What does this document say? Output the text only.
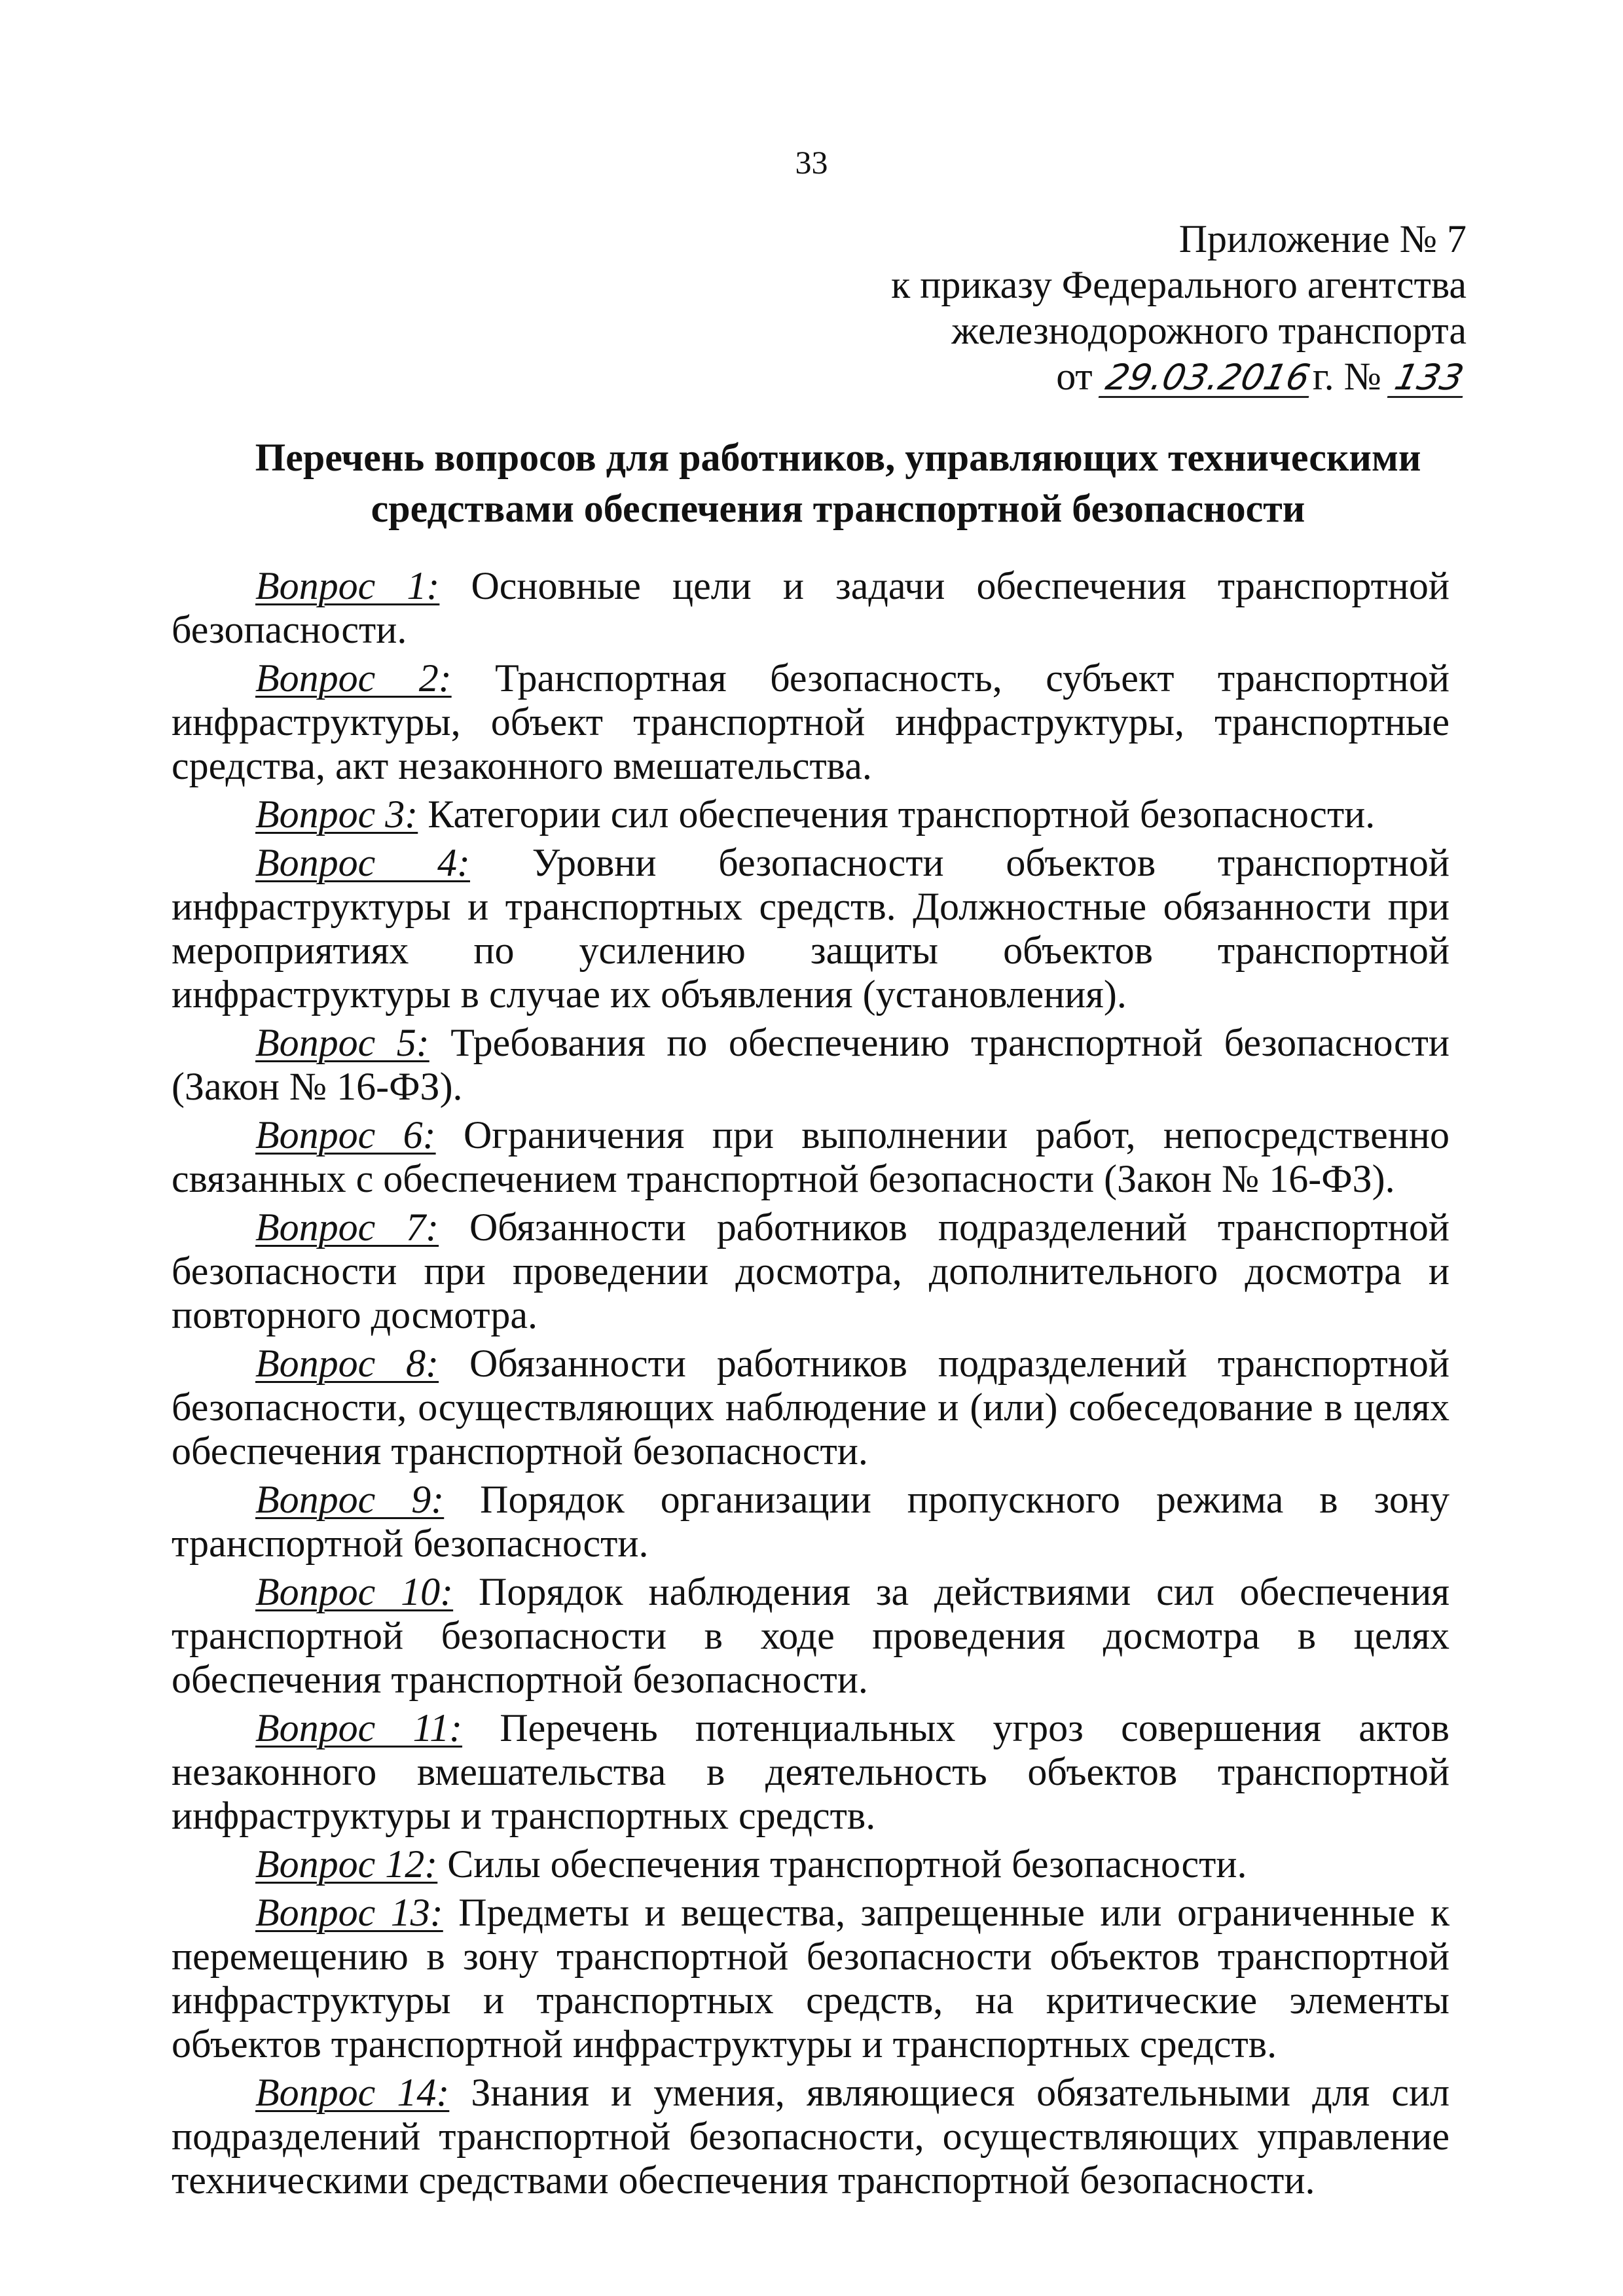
33
Приложение № 7
к приказу Федерального агентства
железнодорожного транспорта
от 29.03.2016г. № 133
Перечень вопросов для работников, управляющих техническими
средствами обеспечения транспортной безопасности

Вопрос 1: Основные цели и задачи обеспечения транспортной безопасности.

Вопрос 2: Транспортная безопасность, субъект транспортной инфраструктуры, объект транспортной инфраструктуры, транспортные средства, акт незаконного вмешательства.

Вопрос 3: Категории сил обеспечения транспортной безопасности.

Вопрос 4: Уровни безопасности объектов транспортной инфраструктуры и транспортных средств. Должностные обязанности при мероприятиях по усилению защиты объектов транспортной инфраструктуры в случае их объявления (установления).

Вопрос 5: Требования по обеспечению транспортной безопасности (Закон № 16-ФЗ).

Вопрос 6: Ограничения при выполнении работ, непосредственно связанных с обеспечением транспортной безопасности (Закон № 16-ФЗ).

Вопрос 7: Обязанности работников подразделений транспортной безопасности при проведении досмотра, дополнительного досмотра и повторного досмотра.

Вопрос 8: Обязанности работников подразделений транспортной безопасности, осуществляющих наблюдение и (или) собеседование в целях обеспечения транспортной безопасности.

Вопрос 9: Порядок организации пропускного режима в зону транспортной безопасности.

Вопрос 10: Порядок наблюдения за действиями сил обеспечения транспортной безопасности в ходе проведения досмотра в целях обеспечения транспортной безопасности.

Вопрос 11: Перечень потенциальных угроз совершения актов незаконного вмешательства в деятельность объектов транспортной инфраструктуры и транспортных средств.

Вопрос 12: Силы обеспечения транспортной безопасности.

Вопрос 13: Предметы и вещества, запрещенные или ограниченные к перемещению в зону транспортной безопасности объектов транспортной инфраструктуры и транспортных средств, на критические элементы объектов транспортной инфраструктуры и транспортных средств.

Вопрос 14: Знания и умения, являющиеся обязательными для сил подразделений транспортной безопасности, осуществляющих управление техническими средствами обеспечения транспортной безопасности.
